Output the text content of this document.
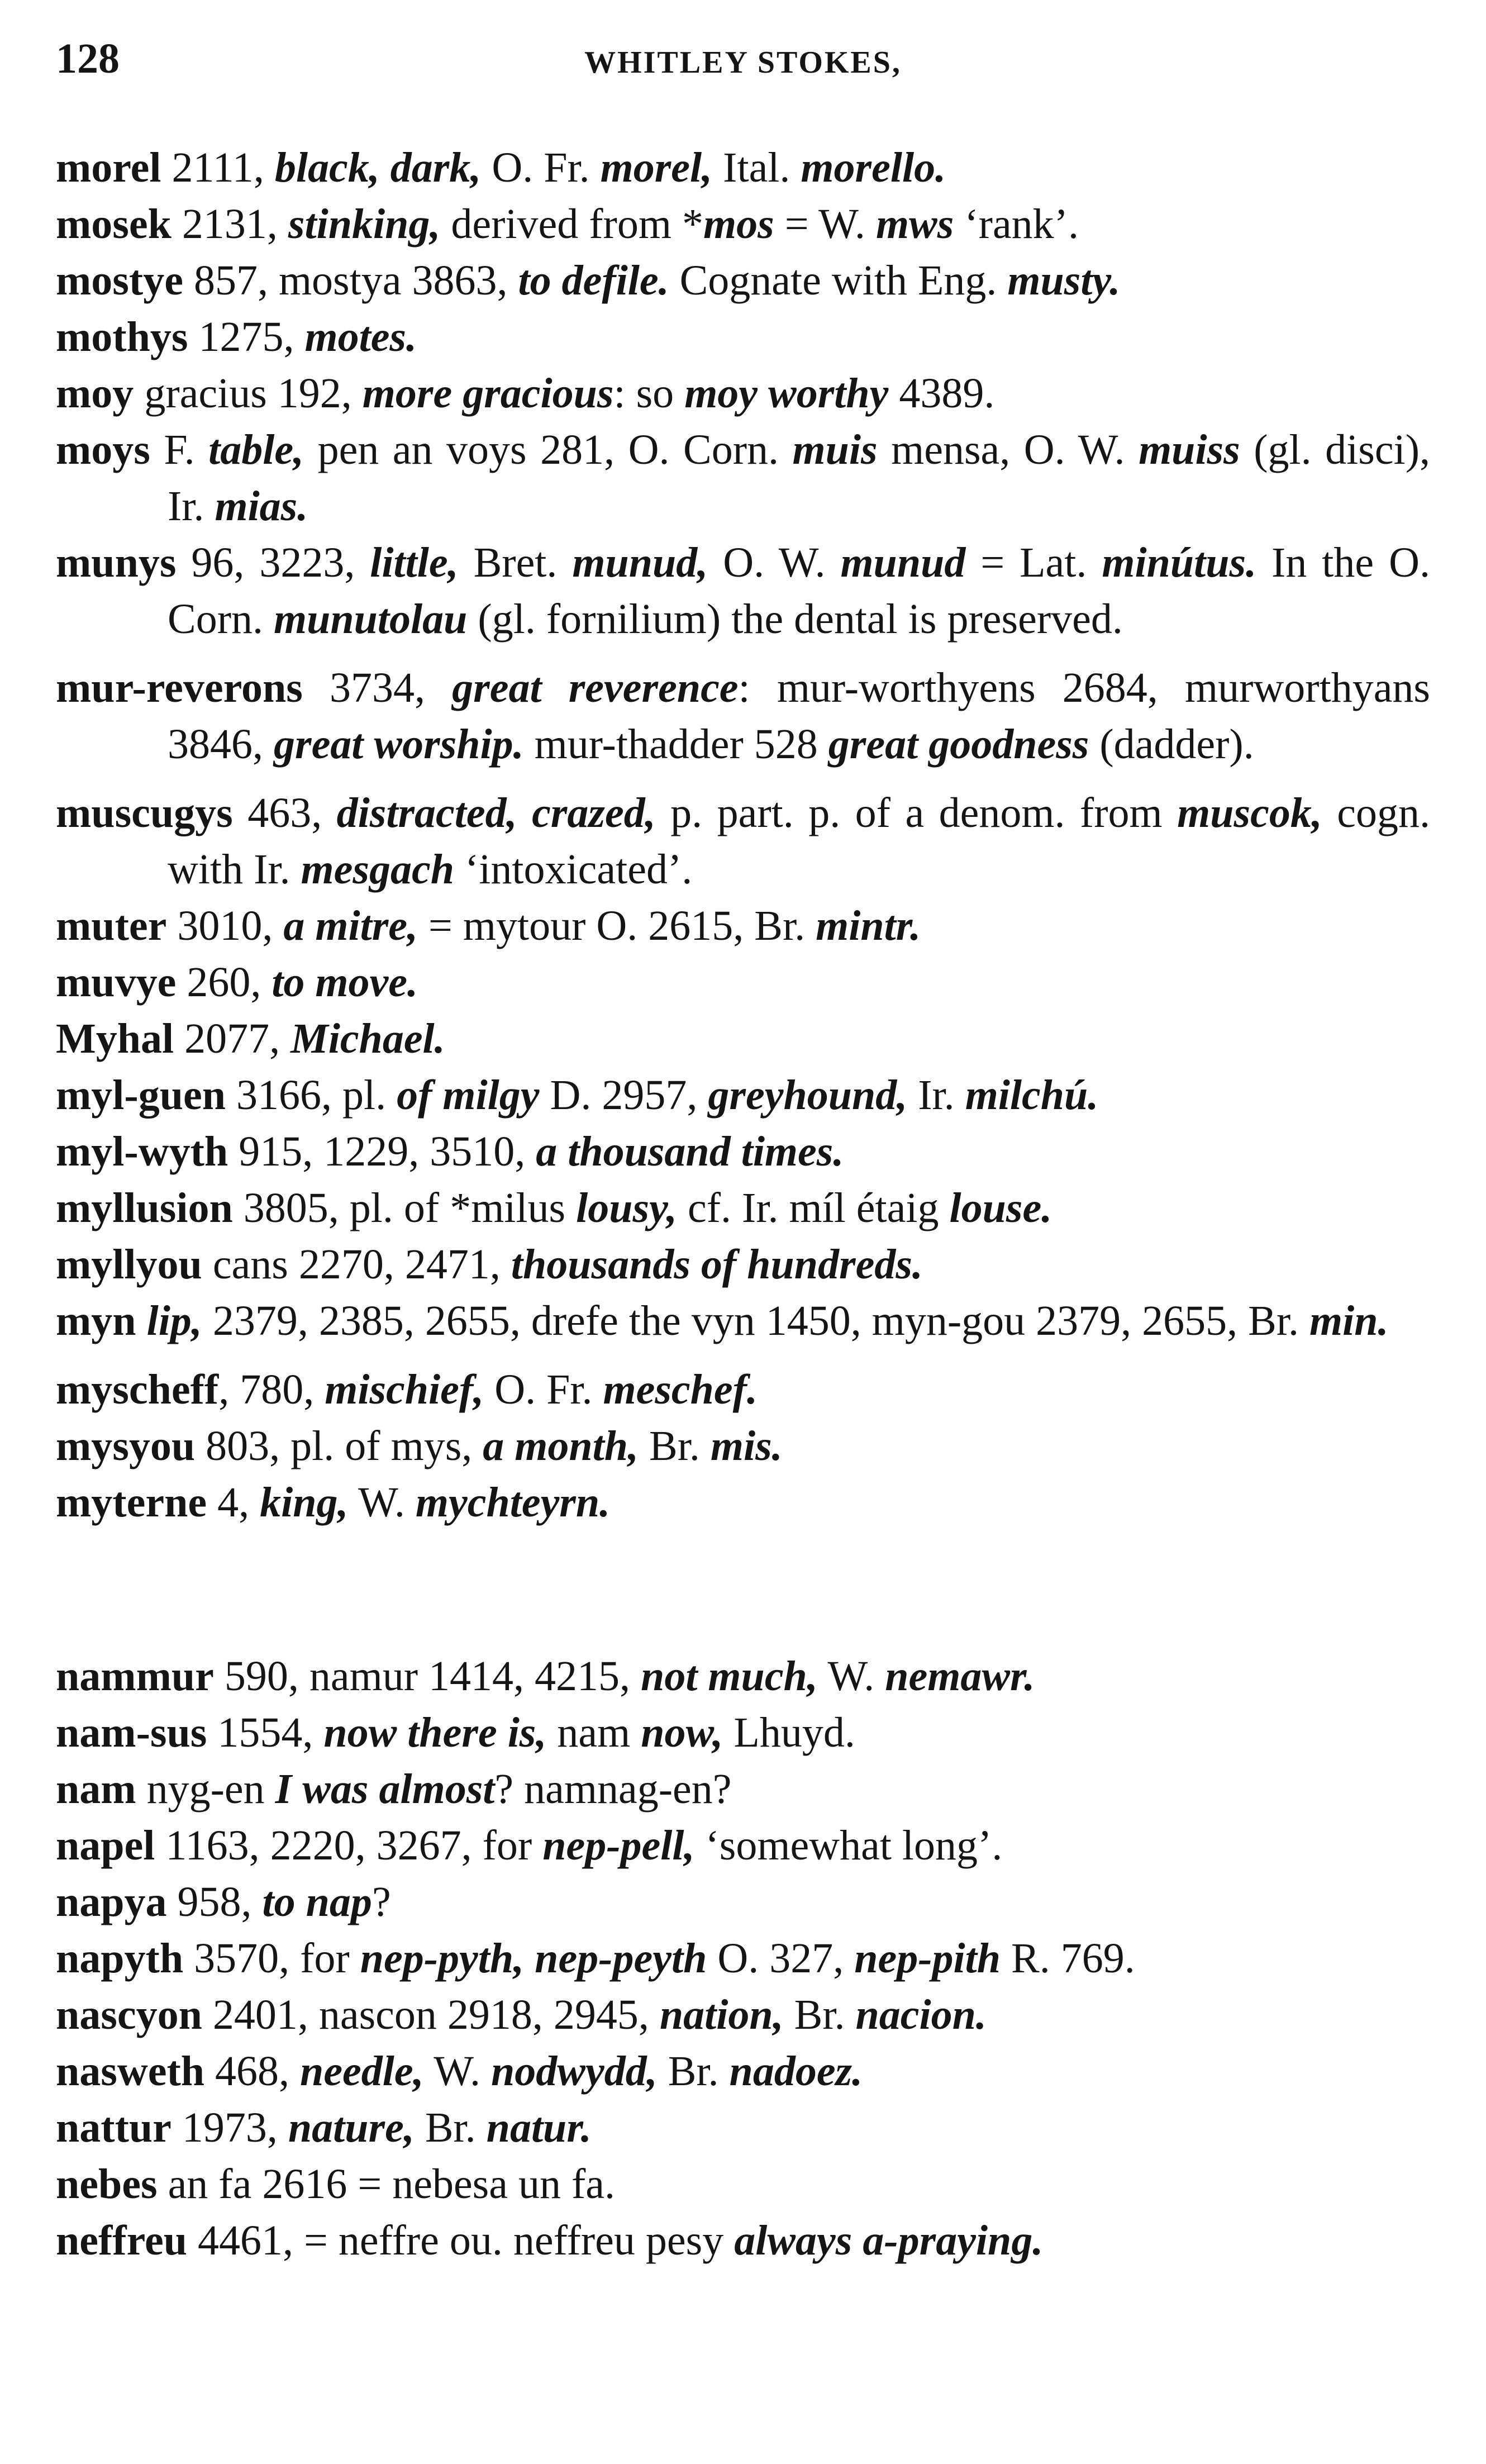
128	WHITLEY STOKES,
morel 2111, black, dark, O. Fr. morel, Ital. morello.
mosek 2131, stinking, derived from *mos = W. mws ‘rank’.
mostye 857, mostya 3863, to defile. Cognate with Eng. musty.
mothys 1275, motes.
moy gracius 192, more gracious: so moy worthy 4389.
moys F. table, pen an voys 281, O. Corn. muis mensa, O. W. muiss (gl. disci), Ir. mias.
munys 96, 3223, little, Bret. munud, O. W. munud = Lat. minútus. In the O. Corn. munutolau (gl. fornilium) the dental is preserved.
mur-reverons 3734, great reverence: mur-worthyens 2684, murworthyans 3846, great worship. mur-thadder 528 great goodness (dadder).
muscugys 463, distracted, crazed, p. part. p. of a denom. from muscok, cogn. with Ir. mesgach ‘intoxicated’.
muter 3010, a mitre, = mytour O. 2615, Br. mintr.
muvye 260, to move.
Myhal 2077, Michael.
myl-guen 3166, pl. of milgy D. 2957, greyhound, Ir. milchú.
myl-wyth 915, 1229, 3510, a thousand times.
myllusion 3805, pl. of *milus lousy, cf. Ir. míl étaig louse.
myllyou cans 2270, 2471, thousands of hundreds.
myn lip, 2379, 2385, 2655, drefe the vyn 1450, myn-gou 2379, 2655, Br. min.
myscheff, 780, mischief, O. Fr. meschef.
mysyou 803, pl. of mys, a month, Br. mis.
myterne 4, king, W. mychteyrn.
nammur 590, namur 1414, 4215, not much, W. nemawr.
nam-sus 1554, now there is, nam now, Lhuyd.
nam nyg-en I was almost? namnag-en?
napel 1163, 2220, 3267, for nep-pell, ‘somewhat long’.
napya 958, to nap?
napyth 3570, for nep-pyth, nep-peyth O. 327, nep-pith R. 769.
nascyon 2401, nascon 2918, 2945, nation, Br. nacion.
nasweth 468, needle, W. nodwydd, Br. nadoez.
nattur 1973, nature, Br. natur.
nebes an fa 2616 = nebesa un fa.
neffreu 4461, = neffre ou. neffreu pesy always a-praying.
